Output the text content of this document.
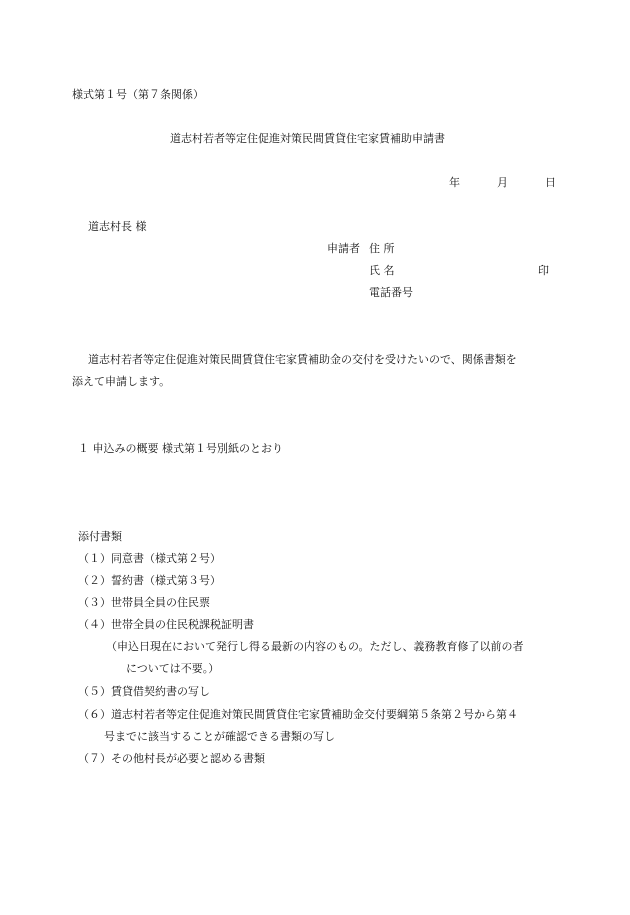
様式第１号（第７条関係）
道志村若者等定住促進対策民間賃貸住宅家賃補助申請書
年	月	日
道志村長 様
申請者 住 所
氏 名	印
電話番号
道志村若者等定住促進対策民間賃貸住宅家賃補助金の交付を受けたいので、関係書類を
添えて申請します。
１ 申込みの概要 様式第１号別紙のとおり
添付書類
（１）同意書（様式第２号）
（２）誓約書（様式第３号）
（３）世帯員全員の住民票
（４）世帯全員の住民税課税証明書
（申込日現在において発行し得る最新の内容のもの。ただし、義務教育修了以前の者
については不要。）
（５）賃貸借契約書の写し
（６）道志村若者等定住促進対策民間賃貸住宅家賃補助金交付要綱第５条第２号から第４
号までに該当することが確認できる書類の写し
（７）その他村長が必要と認める書類
